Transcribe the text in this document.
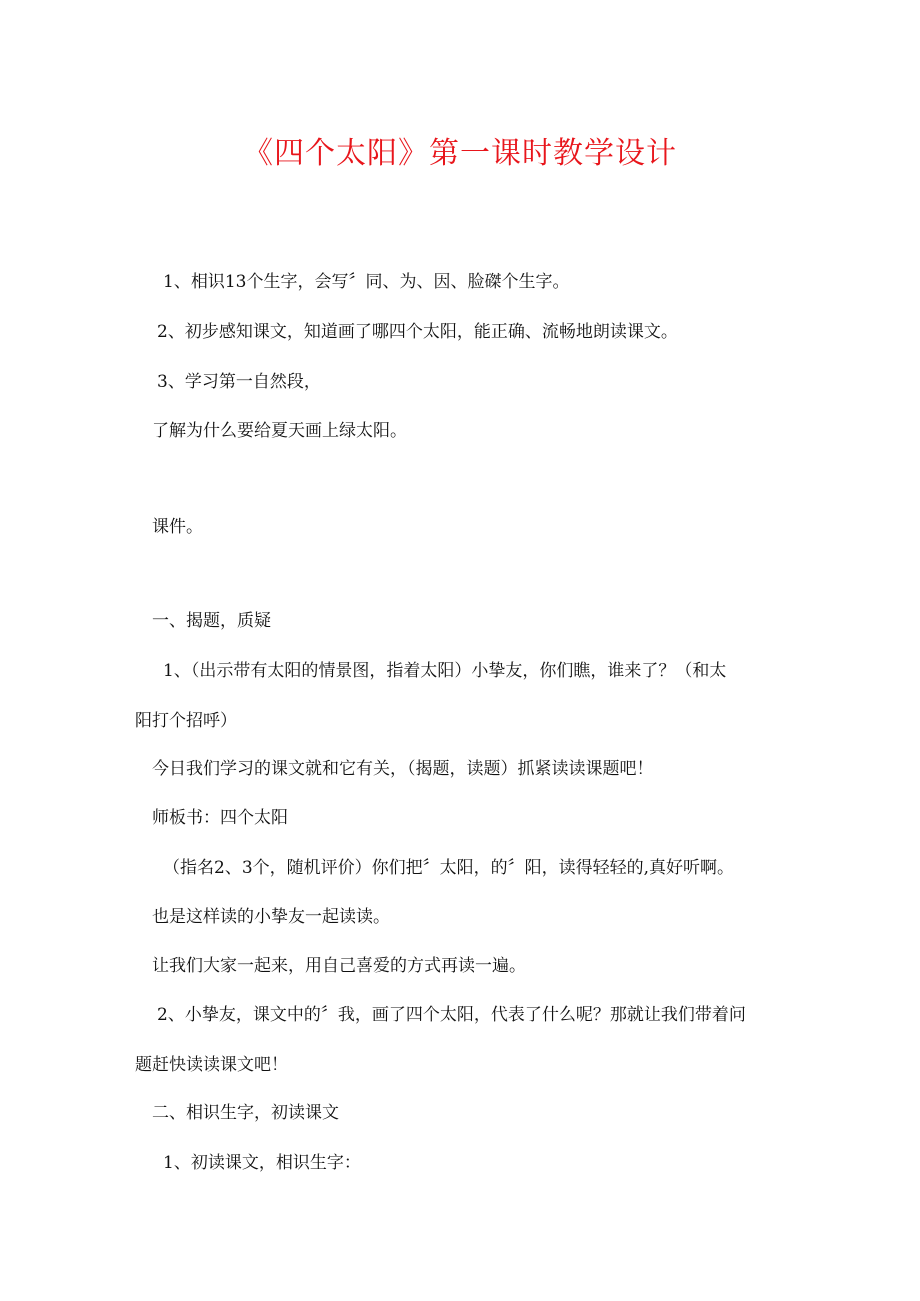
《四个太阳》第一课时教学设计
1、相识13个生字，会写〞同、为、因、脸磔个生字。
2、初步感知课文，知道画了哪四个太阳，能正确、流畅地朗读课文。
3、学习第一自然段，
了解为什么要给夏天画上绿太阳。
课件。
一、揭题，质疑
1、（出示带有太阳的情景图，指着太阳）小挚友，你们瞧，谁来了？（和太
阳打个招呼）
今日我们学习的课文就和它有关，（揭题，读题）抓紧读读课题吧！
师板书：四个太阳
（指名2、3个，随机评价）你们把〞太阳，的〞阳，读得轻轻的,真好听啊。
也是这样读的小挚友一起读读。
让我们大家一起来，用自己喜爱的方式再读一遍。
2、小挚友，课文中的〞我，画了四个太阳，代表了什么呢？那就让我们带着问
题赶快读读课文吧！
二、相识生字，初读课文
1、初读课文，相识生字：
